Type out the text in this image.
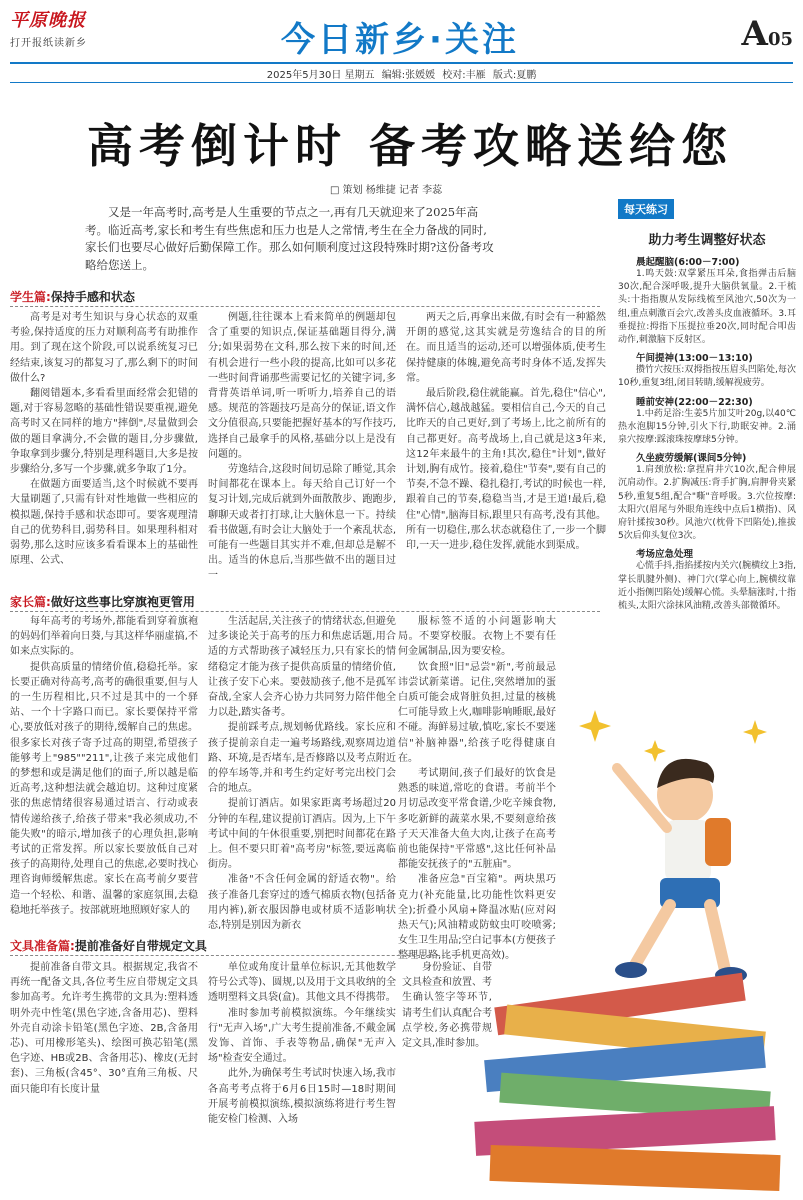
平原晚报
打开报纸读新乡	今日新乡·关注	A05
2025年5月30日 星期五 编辑:张媛媛 校对:丰雁 版式:夏鹏
高考倒计时 备考攻略送给您
□ 策划 杨维捷 记者 李蕊
又是一年高考时,高考是人生重要的节点之一,再有几天就迎来了2025年高考。临近高考,家长和考生有些焦虑和压力也是人之常情,考生在全力备战的同时,家长们也要尽心做好后勤保障工作。那么如何顺利度过这段特殊时期?这份备考攻略给您送上。
学生篇:保持手感和状态

高考是对考生知识与身心状态的双重考验,保持适度的压力对顺利高考有助推作用。到了现在这个阶段,可以说系统复习已经结束,该复习的都复习了,那么剩下的时间做什么?

翻阅错题本,多看看里面经常会犯错的题,对于容易忽略的基础性错误要重视,避免高考时又在同样的地方"摔倒",尽量做到会做的题目拿满分,不会做的题目,分步骤做,争取拿到步骤分,特别是理科题目,大多是按步骤给分,多写一个步骤,就多争取了1分。

在做题方面要适当,这个时候就不要再大量刷题了,只需有针对性地做一些相应的模拟题,保持手感和状态即可。要客观理清自己的优势科目,弱势科目。如果理科相对弱势,那么这时应该多看看课本上的基础性原理、公式、

例题,往往课本上看来简单的例题却包含了重要的知识点,保证基础题目得分,满分;如果弱势在文科,那么按下来的时间,还有机会进行一些小段的提高,比如可以多花一些时间背诵那些需要记忆的关键字词,多背背英语单词,听一听听力,培养自己的语感。规范的答题技巧是高分的保证,语文作文分值很高,只要能把握好基本的写作技巧,选择自己最拿手的风格,基础分以上是没有问题的。

劳逸结合,这段时间切忌除了睡觉,其余时间都花在课本上。每天给自己订好一个复习计划,完成后就到外面散散步、跑跑步,聊聊天或者打打球,让大脑休息一下。持续看书做题,有时会让大脑处于一个紊乱状态,可能有一些题目其实并不难,但却总是解不出。适当的休息后,当那些做不出的题目过一

两天之后,再拿出来做,有时会有一种豁然开朗的感觉,这其实就是劳逸结合的目的所在。而且适当的运动,还可以增强体质,使考生保持健康的体魄,避免高考时身体不适,发挥失常。

最后阶段,稳住就能赢。首先,稳住"信心",满怀信心,越战越猛。要相信自己,今天的自己比昨天的自己更好,到了考场上,比之前所有的自己都更好。高考战场上,自己就是这3年来,这12年来最牛的主角!其次,稳住"计划",做好计划,胸有成竹。接着,稳住"节奏",要有自己的节奏,不急不躁、稳扎稳打,考试的时候也一样,跟着自己的节奏,稳稳当当,才是王道!最后,稳住"心情",脑海目标,跟里只有高考,没有其他。所有一切稳住,那么状态就稳住了,一步一个脚印,一天一进步,稳住发挥,就能水到渠成。

家长篇:做好这些事比穿旗袍更管用

每年高考的考场外,都能看到穿着旗袍的妈妈们举着向日葵,与其这样华丽虚搞,不如来点实际的。

提供高质量的情绪价值,稳稳托举。家长要正确对待高考,高考的确很重要,但与人的一生历程相比,只不过是其中的一个驿站、一个十字路口而已。家长要保持平常心,要放低对孩子的期待,缓解自己的焦虑。很多家长对孩子寄予过高的期望,希望孩子能够考上"985""211",让孩子来完成他们的梦想和或是满足他们的面子,所以越是临近高考,这种想法就会越迫切。这种过度紧张的焦虑情绪很容易通过语言、行动或表情传递给孩子,给孩子带来"我必须成功,不能失败"的暗示,增加孩子的心理负担,影响考试的正常发挥。所以家长要放低自己对孩子的高期待,处理自己的焦虑,必要时找心理咨询师缓解焦虑。家长在高考前夕要营造一个轻松、和谐、温馨的家庭氛围,去稳稳地托举孩子。按部就班地照顾好家人的

生活起居,关注孩子的情绪状态,但避免过多谈论关于高考的压力和焦虑话题,用合适的方式帮助孩子减轻压力,只有家长的情绪稳定才能为孩子提供高质量的情绪价值,让孩子安下心来。要鼓励孩子,他不是孤军奋战,全家人会齐心协力共同努力陪伴他全力以赴,踏实备考。

提前踩考点,规划畅优路线。家长应和孩子提前亲自走一遍考场路线,观察周边道路、环境,是否堵车,是否修路以及考点附近的停车场等,并和考生约定好考完出校门会合的地点。

提前订酒店。如果家距离考场超过20分钟的车程,建议提前订酒店。因为,上下午考试中间的午休很重要,别把时间都花在路上。但不要只盯着"高考房"标签,要远离临街房。

准备"不含任何金属的舒适衣物"。给孩子准备几套穿过的透气棉质衣物(包括备用内裤),新衣服因静电或材质不适影响状态,特别是别因为新衣

服标签不适的小问题影响大局。不要穿校服。衣物上不要有任何金属制品,因为要安检。

饮食照"旧"忌尝"新",考前最忌讳尝试新菜谱。记住,突然增加的蛋白质可能会成肾脏负担,过量的核桃仁可能导致上火,咖啡影响睡眠,最好不碰。海鲜易过敏,慎吃,家长不要迷信"补脑神器",给孩子吃得健康自在。

考试期间,孩子们最好的饮食是熟悉的味道,常吃的食谱。考前半个月切忌改变平常食谱,少吃辛辣食物,多吃新鲜的蔬菜水果,不要刻意给孩子天天准备大鱼大肉,让孩子在高考前也能保持"平常感",这比任何补品都能安抚孩子的"五脏庙"。

准备应急"百宝箱"。两块黑巧克力(补充能量,比功能性饮料更安全);折叠小风扇+降温冰贴(应对闷热天气);风油精或防蚊虫叮咬喷雾;女生卫生用品;空白记事本(方便孩子整理思路,比手机更高效)。

文具准备篇:提前准备好自带规定文具

提前准备自带文具。根据规定,我省不再统一配备文具,各位考生应自带规定文具参加高考。允许考生携带的文具为:塑料透明外壳中性笔(黑色字迹,含备用芯)、塑料外壳自动涂卡铅笔(黑色字迹、2B,含备用芯)、可用橡形笔头)、绘图可换芯铅笔(黑色字迹、HB或2B、含备用芯)、橡皮(无封套)、三角板(含45°、30°直角三角板、尺面只能印有长度计量

单位或角度计量单位标识,无其他数学符号公式等)、圆规,以及用于文具收纳的全透明塑料文具袋(盒)。其他文具不得携带。

准时参加考前模拟演练。今年继续实行"无声入场",广大考生提前准备,不戴金属发饰、首饰、手表等物品,确保"无声入场"检查安全通过。

此外,为确保考生考试时快速入场,我市各高考考点将于6月6日15时—18时期间开展考前模拟演练,模拟演练将进行考生智能安检门检测、入场

身份验证、自带文具检查和放置、考生确认签字等环节,请考生们认真配合考点学校,务必携带规定文具,准时参加。

每天练习
助力考生调整好状态
晨起醒脑(6:00－7:00)
1.鸣天鼓:双掌紧压耳朵,食指弹击后脑30次,配合深呼吸,提升大脑供氧量。2.干梳头:十指指腹从发际线梳至风池穴,50次为一组,重点刺激百会穴,改善头皮血液循环。3.耳垂提拉:拇指下压提拉垂20次,同时配合叩齿动作,刺激脑下反射区。
午间提神(13:00－13:10)
攒竹穴按压:双拇指按压眉头凹陷处,每次10秒,重复3组,闭目转睛,缓解视疲劳。
睡前安神(22:00－22:30)
1.中药足浴:生姜5片加艾叶20g,以40℃热水泡脚15分钟,引火下行,助眠安神。2.涌泉穴按摩:踩滚珠按摩球5分钟。
久坐疲劳缓解(课间5分钟)
1.肩颈放松:拿捏肩井穴10次,配合伸展沉肩动作。2.扩胸减压:背手扩胸,肩胛骨夹紧5秒,重复5组,配合"嘶"音呼吸。3.穴位按摩:太阳穴(眉尾与外眼角连线中点后1横指)、风府针揉按30秒。风池穴(枕骨下凹陷处),推拔5次后仰头复位3次。
考场应急处理
心慌手抖,指掐揉按内关穴(腕横纹上3指,掌长肌腱外侧)、神门穴(掌心向上,腕横纹靠近小指侧凹陷处)缓解心慌。头晕脑涨时,十指梳头,太阳穴涂抹风油精,改善头部微循环。
